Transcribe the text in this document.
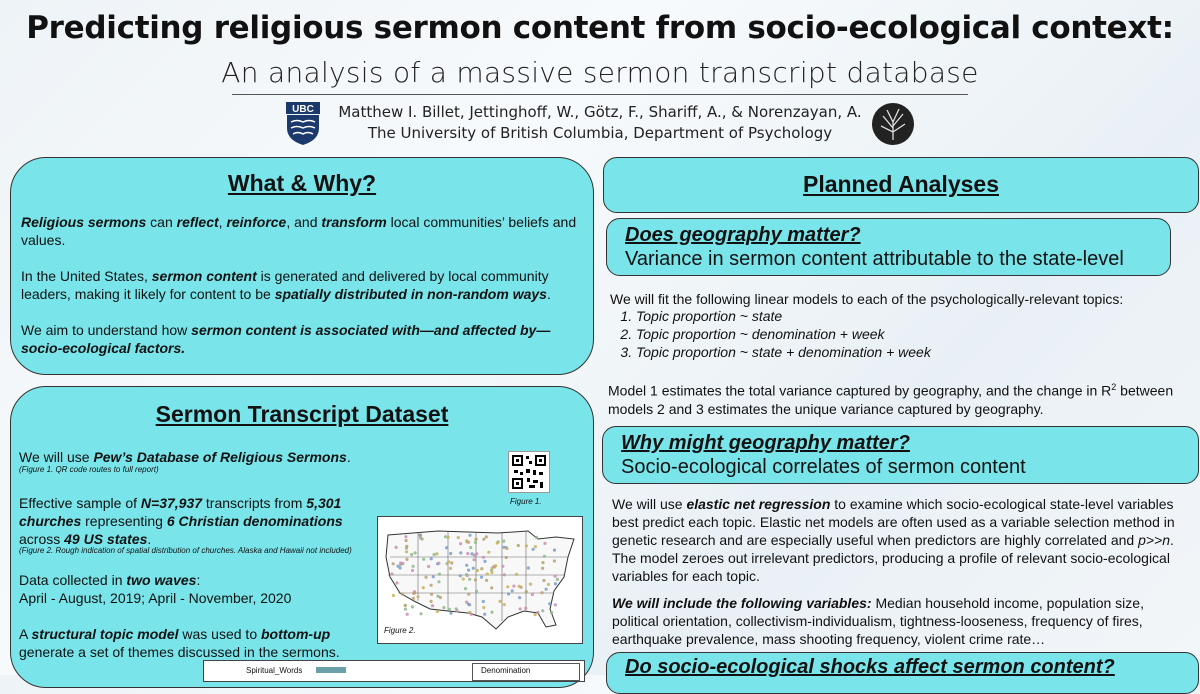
Predicting religious sermon content from socio-ecological context:
An analysis of a massive sermon transcript database
Matthew I. Billet, Jettinghoff, W., Götz, F., Shariff, A., & Norenzayan, A.
The University of British Columbia, Department of Psychology
UBC
What & Why?

Religious sermons can reflect, reinforce, and transform local communities’ beliefs and values.

In the United States, sermon content is generated and delivered by local community leaders, making it likely for content to be spatially distributed in non-random ways.

We aim to understand how sermon content is associated with—and affected by—socio-ecological factors.

Sermon Transcript Dataset
We will use Pew’s Database of Religious Sermons.
(Figure 1. QR code routes to full report)
Figure 1.
Effective sample of N=37,937 transcripts from 5,301 churches representing 6 Christian denominations across 49 US states.
(Figure 2. Rough indication of spatial distribution of churches. Alaska and Hawaii not included)
Figure 2.
Data collected in two waves:
April - August, 2019; April - November, 2020
A structural topic model was used to bottom-up generate a set of themes discussed in the sermons.
Spiritual_Words	Denomination
Planned Analyses
Does geography matter?
Variance in sermon content attributable to the state-level
We will fit the following linear models to each of the psychologically-relevant topics:
1. Topic proportion ~ state
2. Topic proportion ~ denomination + week
3. Topic proportion ~ state + denomination + week
Model 1 estimates the total variance captured by geography, and the change in $R^2$ between models 2 and 3 estimates the unique variance captured by geography.
Why might geography matter?
Socio-ecological correlates of sermon content
We will use elastic net regression to examine which socio-ecological state-level variables best predict each topic. Elastic net models are often used as a variable selection method in genetic research and are especially useful when predictors are highly correlated and p>>n. The model zeroes out irrelevant predictors, producing a profile of relevant socio-ecological variables for each topic.
We will include the following variables: Median household income, population size, political orientation, collectivism-individualism, tightness-looseness, frequency of fires, earthquake prevalence, mass shooting frequency, violent crime rate…
Do socio-ecological shocks affect sermon content?
